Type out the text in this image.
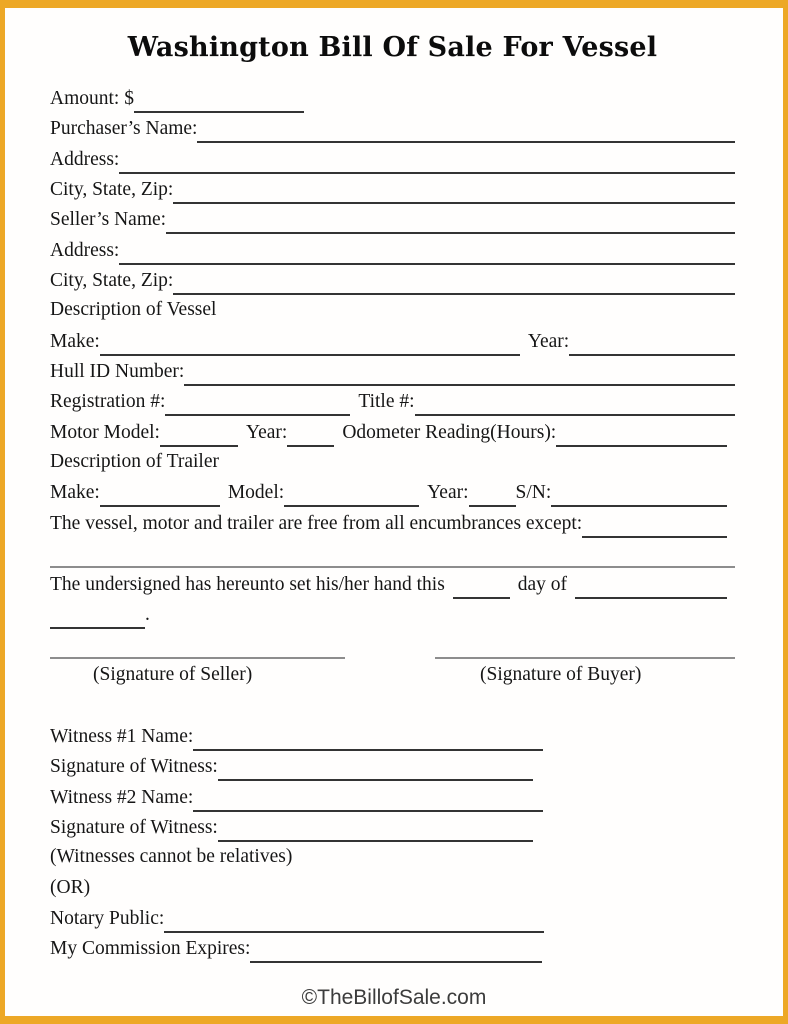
Washington Bill Of Sale For Vessel
Amount: $
Purchaser’s Name:
Address:
City, State, Zip:
Seller’s Name:
Address:
City, State, Zip:
Description of Vessel
Make:	Year:
Hull ID Number:
Registration #:	Title #:
Motor Model:	Year:	Odometer Reading(Hours):
Description of Trailer
Make:	Model:	Year: S/N:
The vessel, motor and trailer are free from all encumbrances except:
The undersigned has hereunto set his/her hand this	day of
.
(Signature of Seller)	(Signature of Buyer)
Witness #1 Name:
Signature of Witness:
Witness #2 Name:
Signature of Witness:
(Witnesses cannot be relatives)
(OR)
Notary Public:
My Commission Expires:
©TheBillofSale.com
